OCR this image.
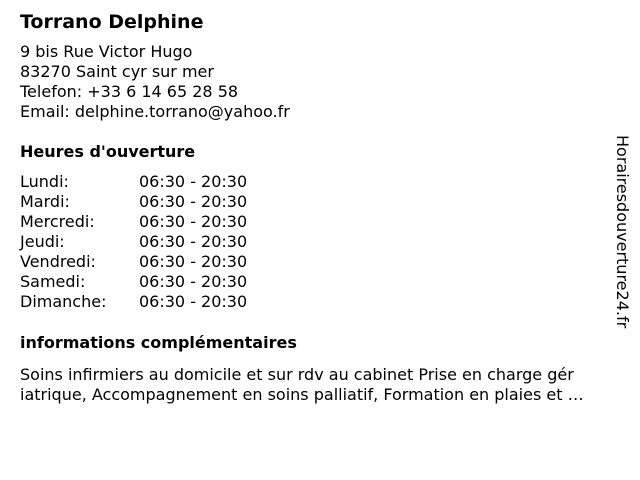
Torrano Delphine
9 bis Rue Victor Hugo
83270 Saint cyr sur mer
Telefon: +33 6 14 65 28 58
Email: delphine.torrano@yahoo.fr
Heures d'ouverture
Lundi:	06:30 - 20:30
Mardi:	06:30 - 20:30
Mercredi:	06:30 - 20:30
Jeudi:	06:30 - 20:30
Vendredi:	06:30 - 20:30
Samedi:	06:30 - 20:30
Dimanche:	06:30 - 20:30
informations complémentaires
Soins infirmiers au domicile et sur rdv au cabinet Prise en charge gér
iatrique, Accompagnement en soins palliatif, Formation en plaies et …
Horairesdouverture24.fr
